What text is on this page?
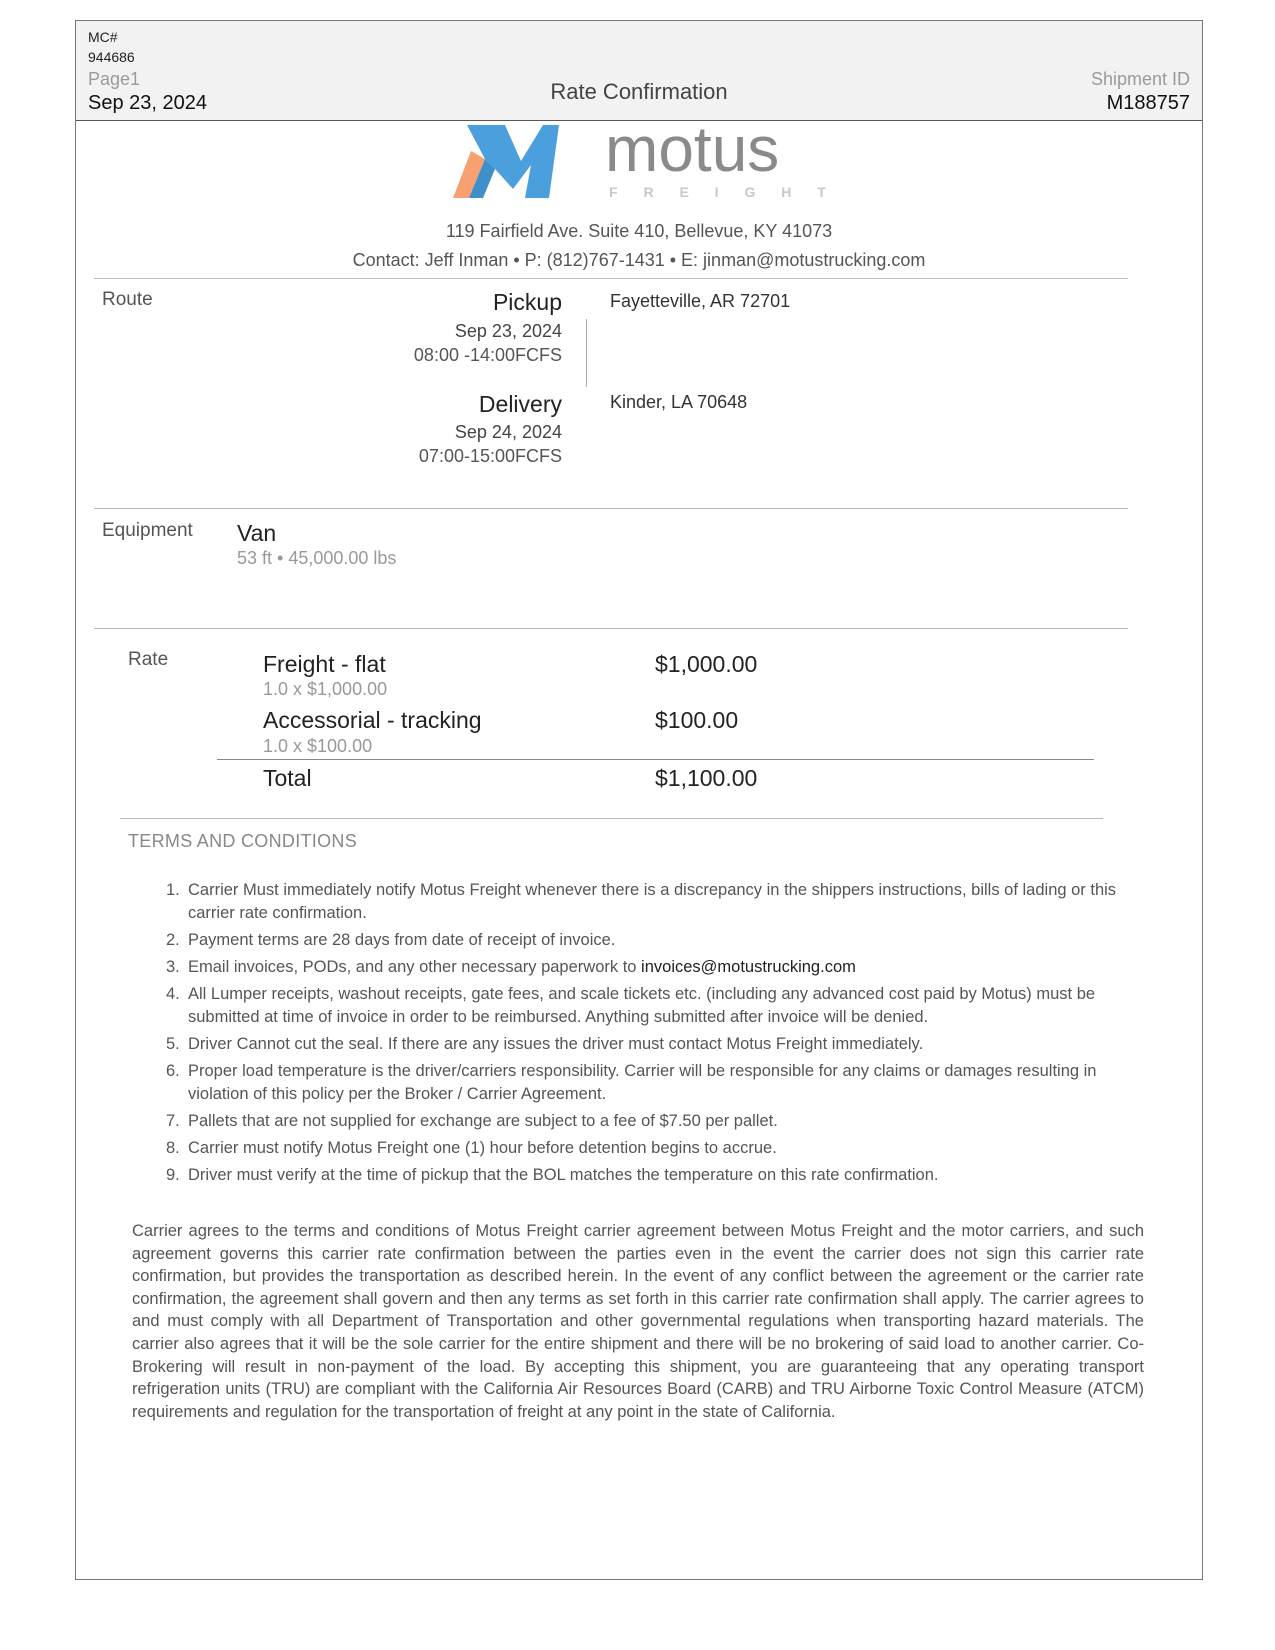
MC#
944686
Page1
Sep 23, 2024	Rate Confirmation	Shipment ID
M188757
motus
F R E I G H T
119 Fairfield Ave. Suite 410, Bellevue, KY 41073
Contact: Jeff Inman • P: (812)767-1431 • E: jinman@motustrucking.com
Route	Pickup
Sep 23, 2024
08:00 -14:00FCFS
Fayetteville, AR 72701
Delivery
Sep 24, 2024
07:00-15:00FCFS
Kinder, LA 70648
Equipment Van
53 ft • 45,000.00 lbs
Rate	Freight - flat
1.0 x $1,000.00
$1,000.00
Accessorial - tracking
1.0 x $100.00
$100.00
Total	$1,100.00
TERMS AND CONDITIONS
1. Carrier Must immediately notify Motus Freight whenever there is a discrepancy in the shippers instructions, bills of lading or this carrier rate confirmation.
2. Payment terms are 28 days from date of receipt of invoice.
3. Email invoices, PODs, and any other necessary paperwork to invoices@motustrucking.com
4. All Lumper receipts, washout receipts, gate fees, and scale tickets etc. (including any advanced cost paid by Motus) must be submitted at time of invoice in order to be reimbursed. Anything submitted after invoice will be denied.
5. Driver Cannot cut the seal. If there are any issues the driver must contact Motus Freight immediately.
6. Proper load temperature is the driver/carriers responsibility. Carrier will be responsible for any claims or damages resulting in violation of this policy per the Broker / Carrier Agreement.
7. Pallets that are not supplied for exchange are subject to a fee of $7.50 per pallet.
8. Carrier must notify Motus Freight one (1) hour before detention begins to accrue.
9. Driver must verify at the time of pickup that the BOL matches the temperature on this rate confirmation.

Carrier agrees to the terms and conditions of Motus Freight carrier agreement between Motus Freight and the motor carriers, and such agreement governs this carrier rate confirmation between the parties even in the event the carrier does not sign this carrier rate confirmation, but provides the transportation as described herein. In the event of any conflict between the agreement or the carrier rate confirmation, the agreement shall govern and then any terms as set forth in this carrier rate confirmation shall apply. The carrier agrees to and must comply with all Department of Transportation and other governmental regulations when transporting hazard materials. The carrier also agrees that it will be the sole carrier for the entire shipment and there will be no brokering of said load to another carrier. Co-Brokering will result in non-payment of the load. By accepting this shipment, you are guaranteeing that any operating transport refrigeration units (TRU) are compliant with the California Air Resources Board (CARB) and TRU Airborne Toxic Control Measure (ATCM) requirements and regulation for the transportation of freight at any point in the state of California.
